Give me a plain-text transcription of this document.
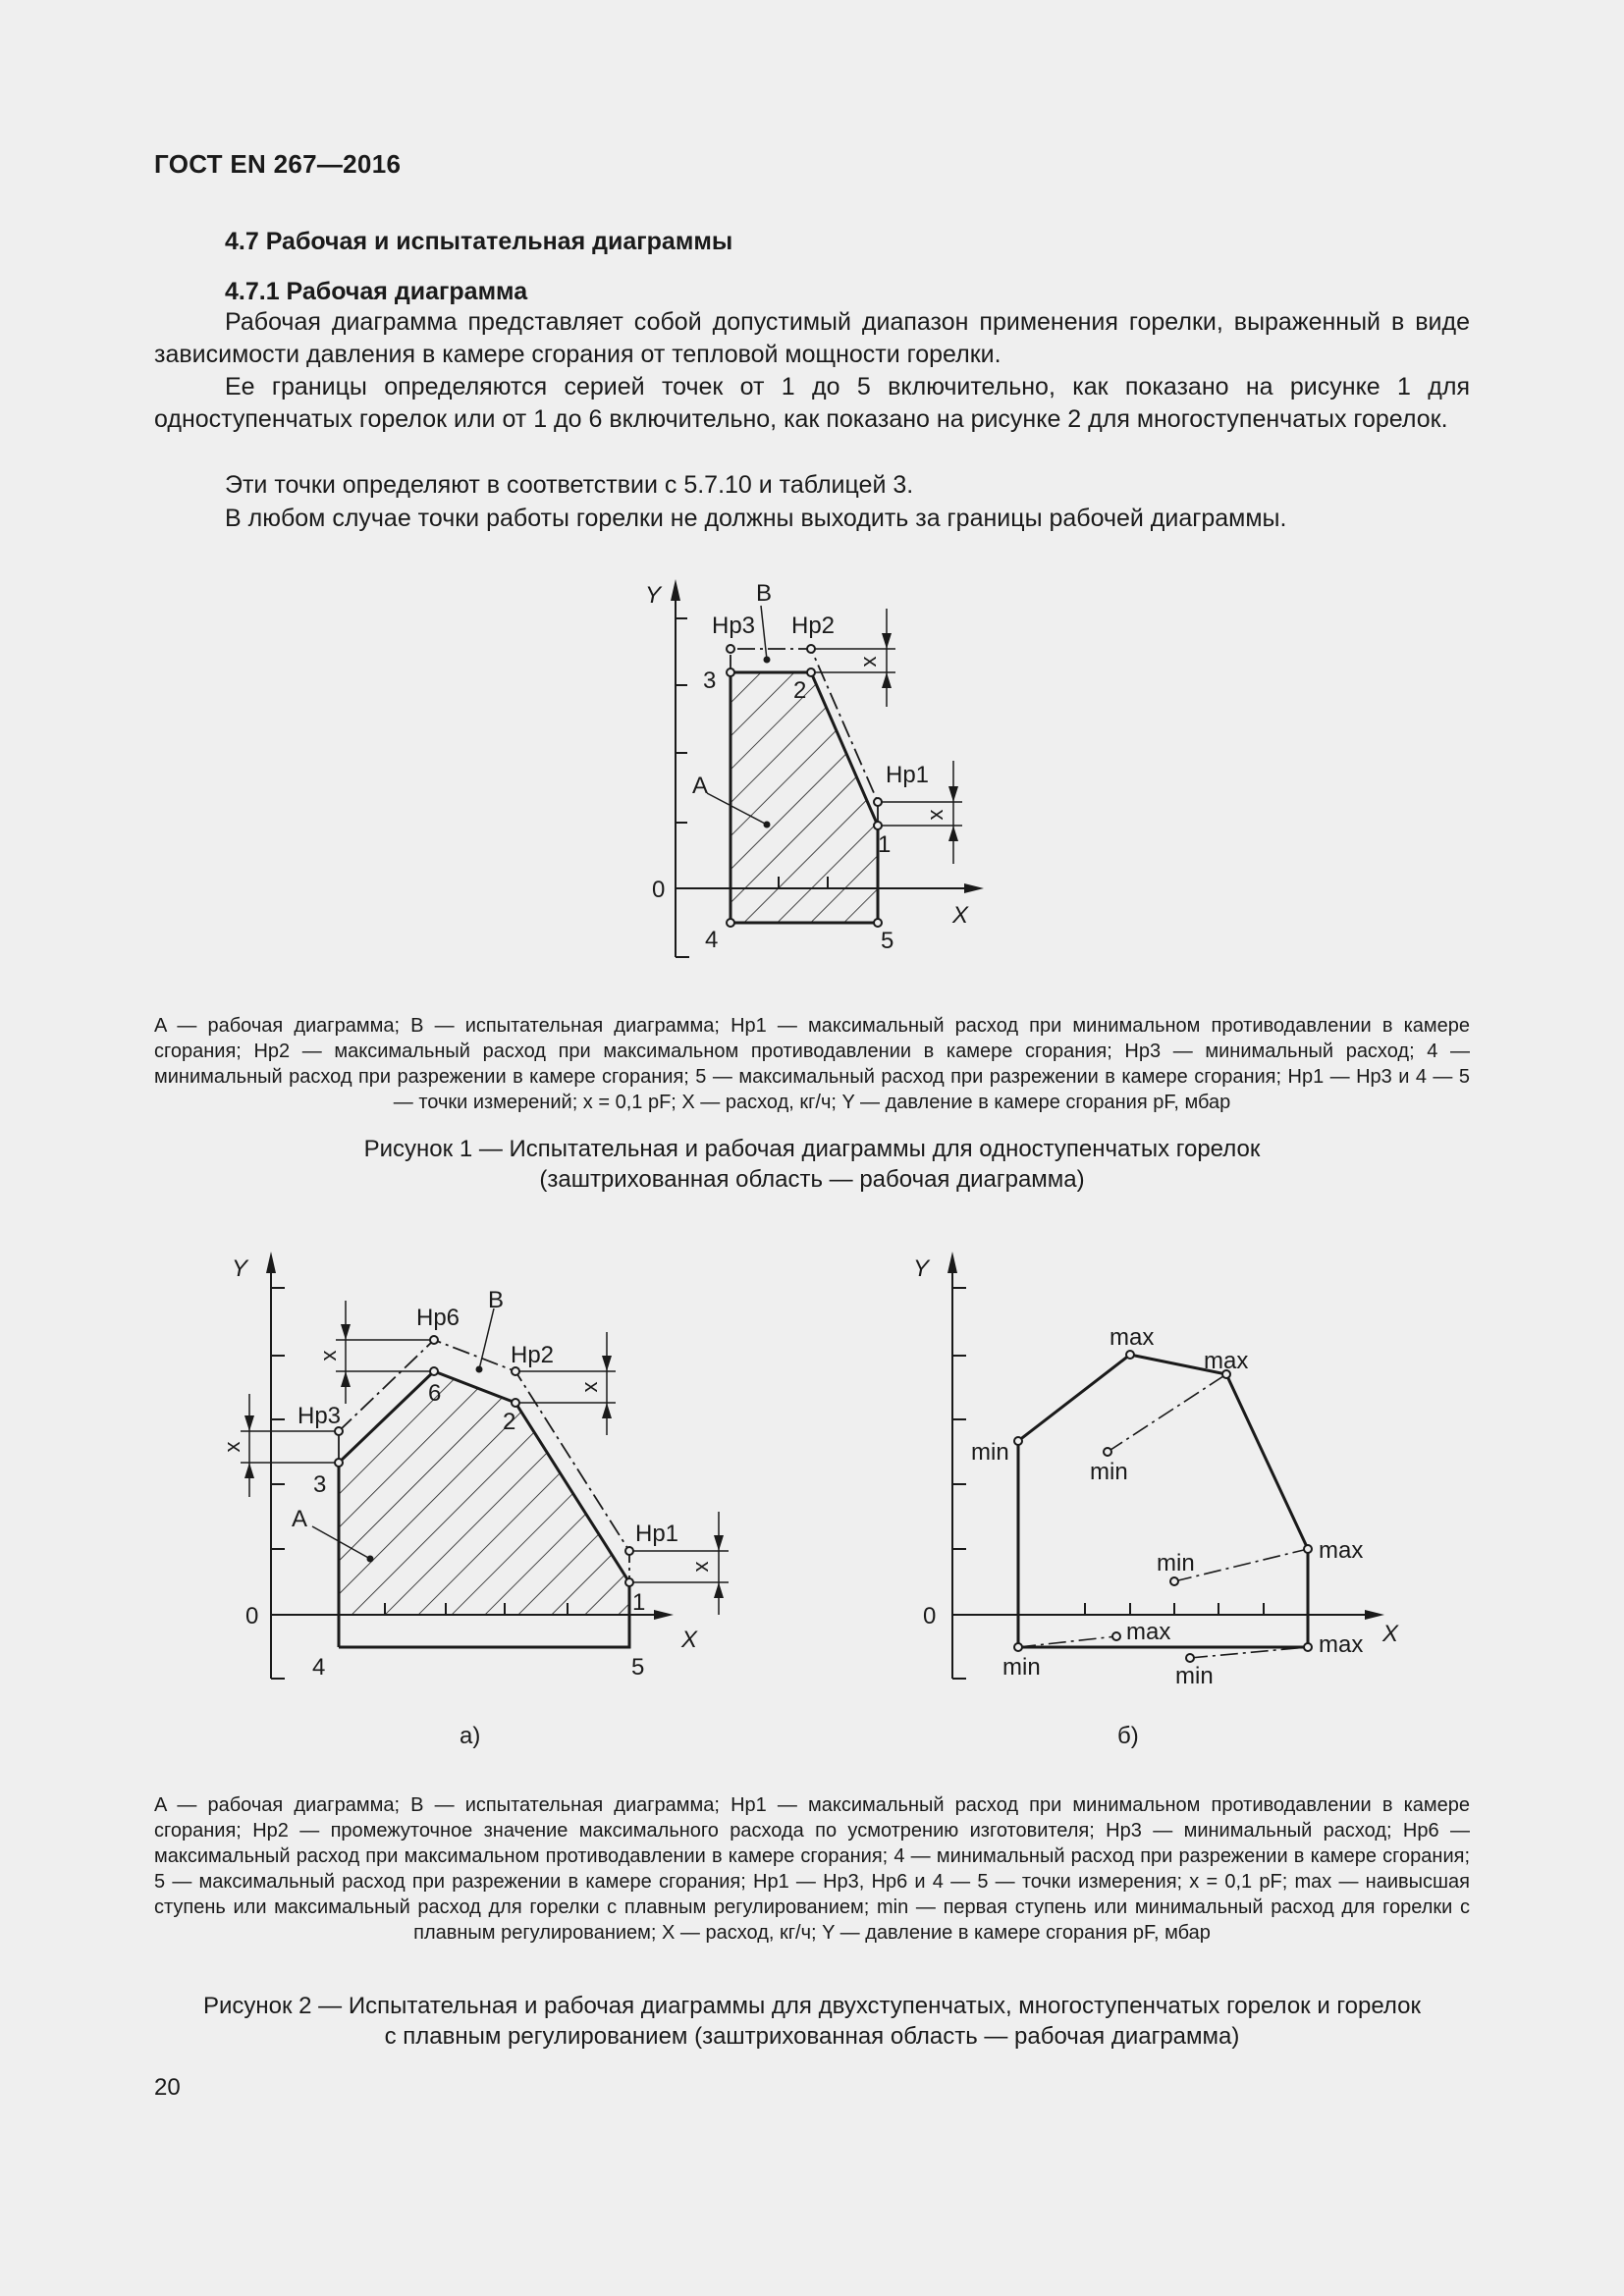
ГОСТ EN 267—2016
4.7 Рабочая и испытательная диаграммы
4.7.1 Рабочая диаграмма
Рабочая диаграмма представляет собой допустимый диапазон применения горелки, выраженный в виде зависимости давления в камере сгорания от тепловой мощности горелки.
Ее границы определяются серией точек от 1 до 5 включительно, как показано на рисунке 1 для одноступенчатых горелок или от 1 до 6 включительно, как показано на рисунке 2 для многоступенчатых горелок.
Эти точки определяют в соответствии с 5.7.10 и таблицей 3.
В любом случае точки работы горелки не должны выходить за границы рабочей диаграммы.
Y
X
0
A
B
Hp3 Hp2
Hp1
3	2
1
4	5
x
x
A — рабочая диаграмма; B — испытательная диаграмма; Hp1 — максимальный расход при минимальном противодавлении в камере сгорания; Hp2 — максимальный расход при максимальном противодавлении в камере сгорания; Hp3 — минимальный расход; 4 — минимальный расход при разрежении в камере сгорания; 5 — максимальный расход при разрежении в камере сгорания; Hp1 — Hp3 и 4 — 5 — точки измерений; x = 0,1 pF; X — расход, кг/ч; Y — давление в камере сгорания pF, мбар
Рисунок 1 — Испытательная и рабочая диаграммы для одноступенчатых горелок
(заштрихованная область — рабочая диаграмма)
Y
X
0
A
B
Hp6
Hp2
Hp3
Hp1
6
2
3
1
4	5
а)
x
x
x
x
Y
X
0
min
max
max
min
max
min
max	max
min	min
б)
A — рабочая диаграмма; B — испытательная диаграмма; Hp1 — максимальный расход при минимальном противодавлении в камере сгорания; Hp2 — промежуточное значение максимального расхода по усмотрению изготовителя; Hp3 — минимальный расход; Hp6 — максимальный расход при максимальном противодавлении в камере сгорания; 4 — минимальный расход при разрежении в камере сгорания; 5 — максимальный расход при разрежении в камере сгорания; Hp1 — Hp3, Hp6 и 4 — 5 — точки измерения; x = 0,1 pF; max — наивысшая ступень или максимальный расход для горелки с плавным регулированием; min — первая ступень или минимальный расход для горелки с плавным регулированием; X — расход, кг/ч; Y — давление в камере сгорания pF, мбар
Рисунок 2 — Испытательная и рабочая диаграммы для двухступенчатых, многоступенчатых горелок и горелок
с плавным регулированием (заштрихованная область — рабочая диаграмма)
20
